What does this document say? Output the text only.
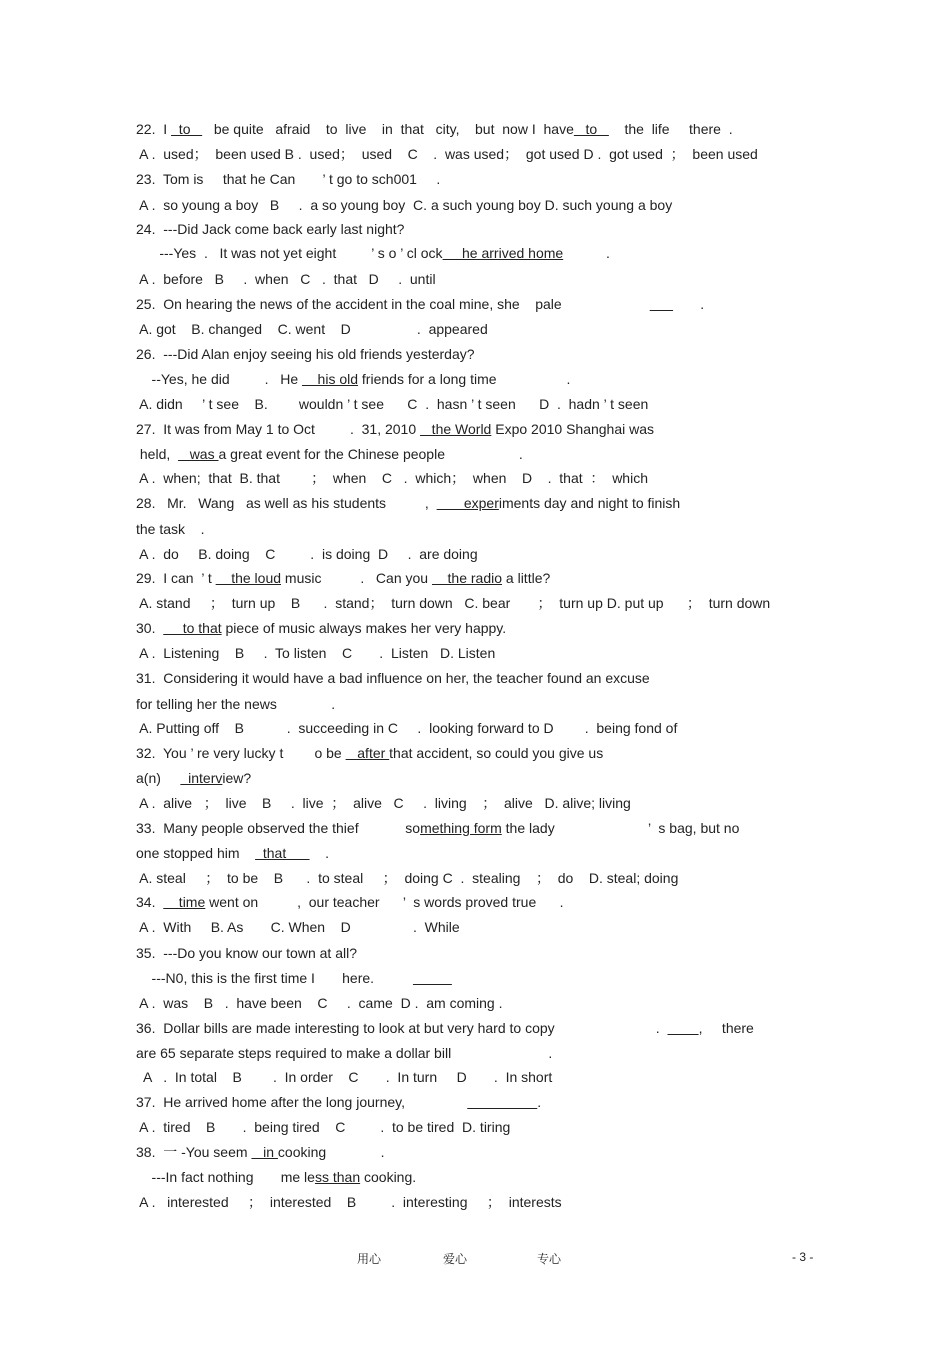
22.  I   to      be quite   afraid    to  live    in  that   city,    but  now I  have   to       the  life     there  .
A .  used；  been used B .  used；  used    C    .  was used；  got used D .  got used  ；  been used
23.  Tom is     that he Can       ’ t go to sch001     .
A .  so young a boy   B     .  a so young boy  C. a such young boy D. such young a boy
24.  ---Did Jack come back early last night?
---Yes  .   It was not yet eight         ’ s o ’ cl ock     he arrived home           .
A .  before   B     .  when   C   .  that   D     .  until
25.  On hearing the news of the accident in the coal mine, she    pale	.
A. got    B. changed    C. went    D                 .  appeared
26.  ---Did Alan enjoy seeing his old friends yesterday?
--Yes, he did         .   He     his old friends for a long time                  .
A. didn     ’ t see    B.        wouldn ’ t see      C  .  hasn ’ t seen      D  .  hadn ’ t seen
27.  It was from May 1 to Oct         .  31, 2010    the World Expo 2010 Shanghai was
held,     was a great event for the Chinese people                   .
A .  when;  that  B. that        ；  when    C   .  which；  when    D    .  that  ：  which
28.   Mr.   Wang   as well as his students          ,         experiments day and night to finish
the task    .
A .  do     B. doing    C         .  is doing  D     .  are doing
29.  I can  ’ t     the loud music          .   Can you     the radio a little?
A. stand     ；  turn up    B      .  stand；  turn down   C. bear       ；  turn up D. put up      ；  turn down
30.       to that piece of music always makes her very happy.
A .  Listening    B     .  To listen    C       .  Listen   D. Listen
31.  Considering it would have a bad influence on her, the teacher found an excuse
for telling her the news              .
A. Putting off    B           .  succeeding in C     .  looking forward to D        .  being fond of
32.  You ’ re very lucky t        o be    after that accident, so could you give us
a(n)       interview?
A .  alive   ；  live    B     .  live  ；  alive   C     .  living    ；  alive   D. alive; living
33.  Many people observed the thief            something form the lady                        ’  s bag, but no
one stopped him      that          .
A. steal     ；  to be    B      .  to steal     ；  doing C  .  stealing    ；  do    D. steal; doing
34.      time went on          ,  our teacher      ’  s words proved true      .
A .  With     B. As       C. When    D                .  While
35.  ---Do you know our town at all?
---N0, this is the first time I       here.
A .  was    B   .  have been    C     .  came  D .  am coming .
36.  Dollar bills are made interesting to look at but very hard to copy                          .          ,     there
are 65 separate steps required to make a dollar bill                         .
A   .  In total    B        .  In order    C       .  In turn     D       .  In short
37.  He arrived home after the long journey,	.
A .  tired    B       .  being tired    C         .  to be tired  D. tiring
38.  一 -You seem    in cooking              .
---In fact nothing       me less than cooking.
A .   interested     ；  interested    B         .  interesting     ；  interests
用心	爱心	专心	- 3 -
